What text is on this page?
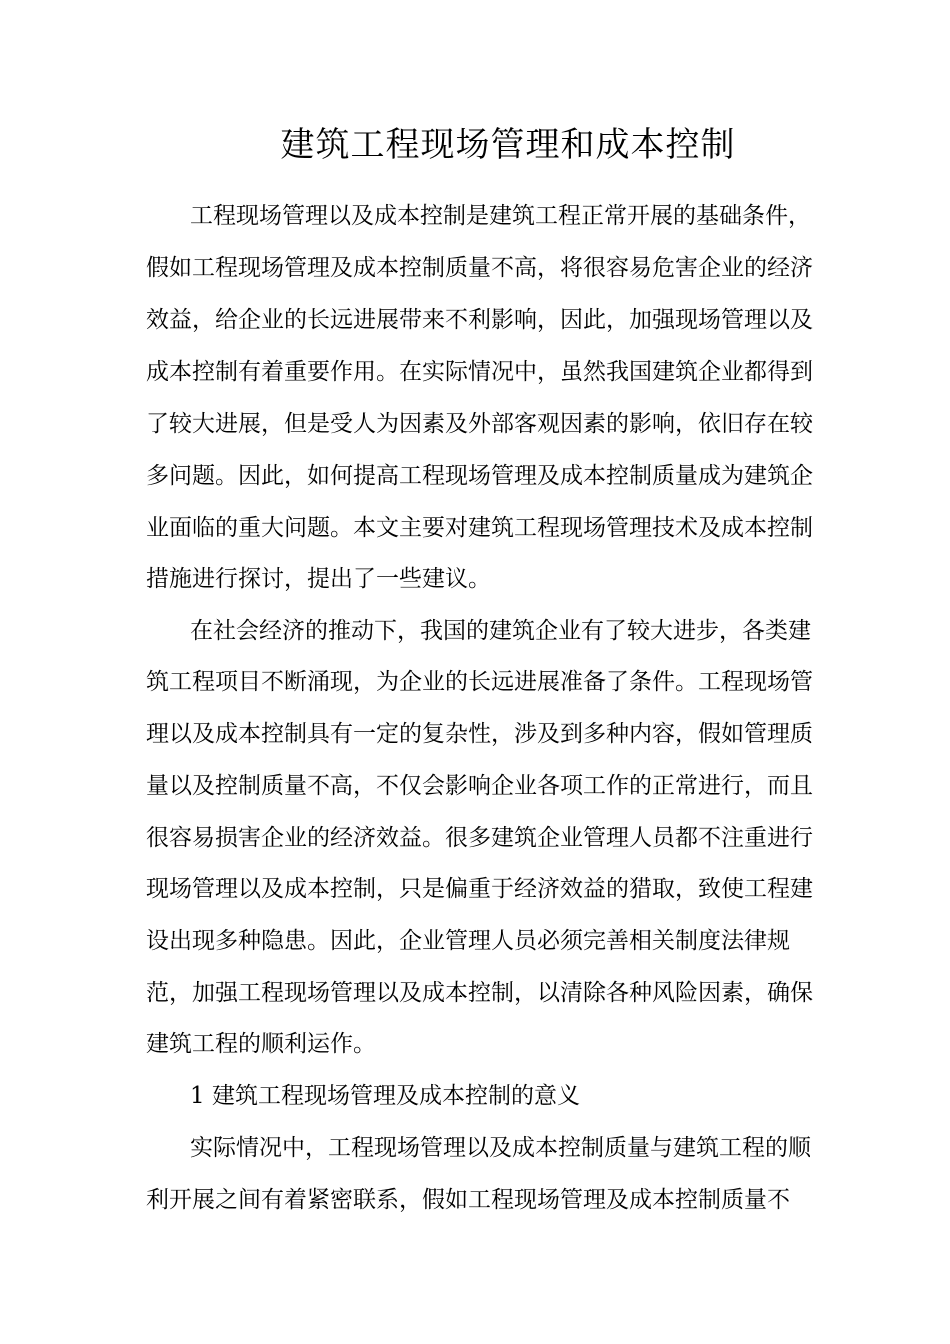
建筑工程现场管理和成本控制
工程现场管理以及成本控制是建筑工程正常开展的基础条件，
假如工程现场管理及成本控制质量不高，将很容易危害企业的经济
效益，给企业的长远进展带来不利影响，因此，加强现场管理以及
成本控制有着重要作用。在实际情况中，虽然我国建筑企业都得到
了较大进展，但是受人为因素及外部客观因素的影响，依旧存在较
多问题。因此，如何提高工程现场管理及成本控制质量成为建筑企
业面临的重大问题。本文主要对建筑工程现场管理技术及成本控制
措施进行探讨，提出了一些建议。
在社会经济的推动下，我国的建筑企业有了较大进步，各类建
筑工程项目不断涌现，为企业的长远进展准备了条件。工程现场管
理以及成本控制具有一定的复杂性，涉及到多种内容，假如管理质
量以及控制质量不高，不仅会影响企业各项工作的正常进行，而且
很容易损害企业的经济效益。很多建筑企业管理人员都不注重进行
现场管理以及成本控制，只是偏重于经济效益的猎取，致使工程建
设出现多种隐患。因此，企业管理人员必须完善相关制度法律规
范，加强工程现场管理以及成本控制，以清除各种风险因素，确保
建筑工程的顺利运作。
1 建筑工程现场管理及成本控制的意义
实际情况中，工程现场管理以及成本控制质量与建筑工程的顺
利开展之间有着紧密联系，假如工程现场管理及成本控制质量不
